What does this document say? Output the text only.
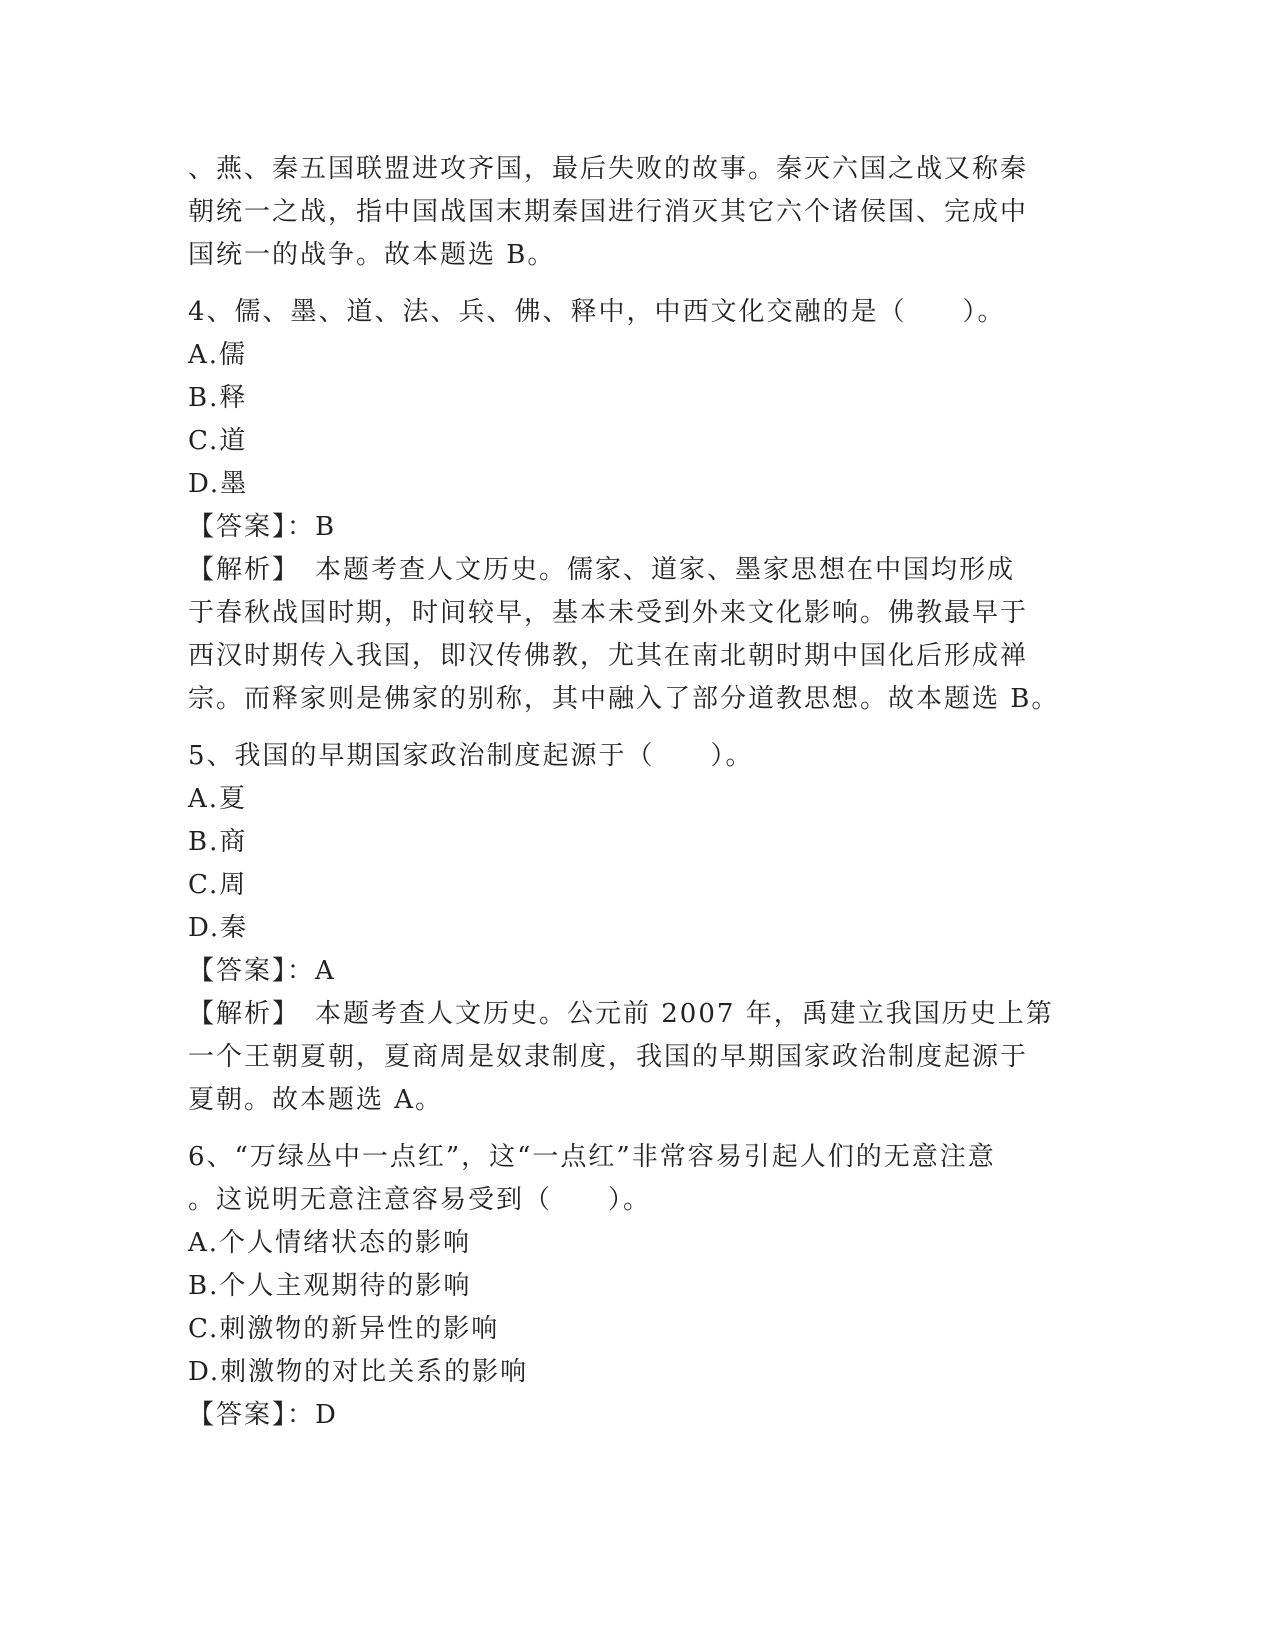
、燕、秦五国联盟进攻齐国，最后失败的故事。秦灭六国之战又称秦
朝统一之战，指中国战国末期秦国进行消灭其它六个诸侯国、完成中
国统一的战争。故本题选 B。
4、儒、墨、道、法、兵、佛、释中，中西文化交融的是（　　）。
A.儒
B.释
C.道
D.墨
【答案】：B
【解析】　本题考查人文历史。儒家、道家、墨家思想在中国均形成
于春秋战国时期，时间较早，基本未受到外来文化影响。佛教最早于
西汉时期传入我国，即汉传佛教，尤其在南北朝时期中国化后形成禅
宗。而释家则是佛家的别称，其中融入了部分道教思想。故本题选 B。
5、我国的早期国家政治制度起源于（　　）。
A.夏
B.商
C.周
D.秦
【答案】：A
【解析】　本题考查人文历史。公元前 2007 年，禹建立我国历史上第
一个王朝夏朝，夏商周是奴隶制度，我国的早期国家政治制度起源于
夏朝。故本题选 A。
6、“万绿丛中一点红”，这“一点红”非常容易引起人们的无意注意
。这说明无意注意容易受到（　　）。
A.个人情绪状态的影响
B.个人主观期待的影响
C.刺激物的新异性的影响
D.刺激物的对比关系的影响
【答案】：D
